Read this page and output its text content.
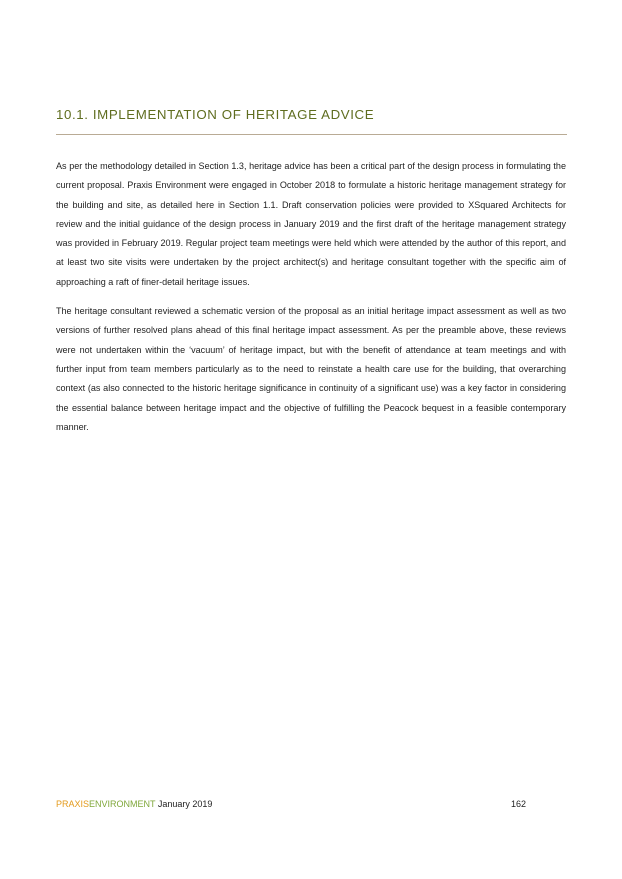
10.1. IMPLEMENTATION OF HERITAGE ADVICE

As per the methodology detailed in Section 1.3, heritage advice has been a critical part of the design process in formulating the current proposal. Praxis Environment were engaged in October 2018 to formulate a historic heritage management strategy for the building and site, as detailed here in Section 1.1. Draft conservation policies were provided to XSquared Architects for review and the initial guidance of the design process in January 2019 and the first draft of the heritage management strategy was provided in February 2019. Regular project team meetings were held which were attended by the author of this report, and at least two site visits were undertaken by the project architect(s) and heritage consultant together with the specific aim of approaching a raft of finer-detail heritage issues.

The heritage consultant reviewed a schematic version of the proposal as an initial heritage impact assessment as well as two versions of further resolved plans ahead of this final heritage impact assessment. As per the preamble above, these reviews were not undertaken within the ‘vacuum’ of heritage impact, but with the benefit of attendance at team meetings and with further input from team members particularly as to the need to reinstate a health care use for the building, that overarching context (as also connected to the historic heritage significance in continuity of a significant use) was a key factor in considering the essential balance between heritage impact and the objective of fulfilling the Peacock bequest in a feasible contemporary manner.

PRAXISENVIRONMENT January 2019	162
